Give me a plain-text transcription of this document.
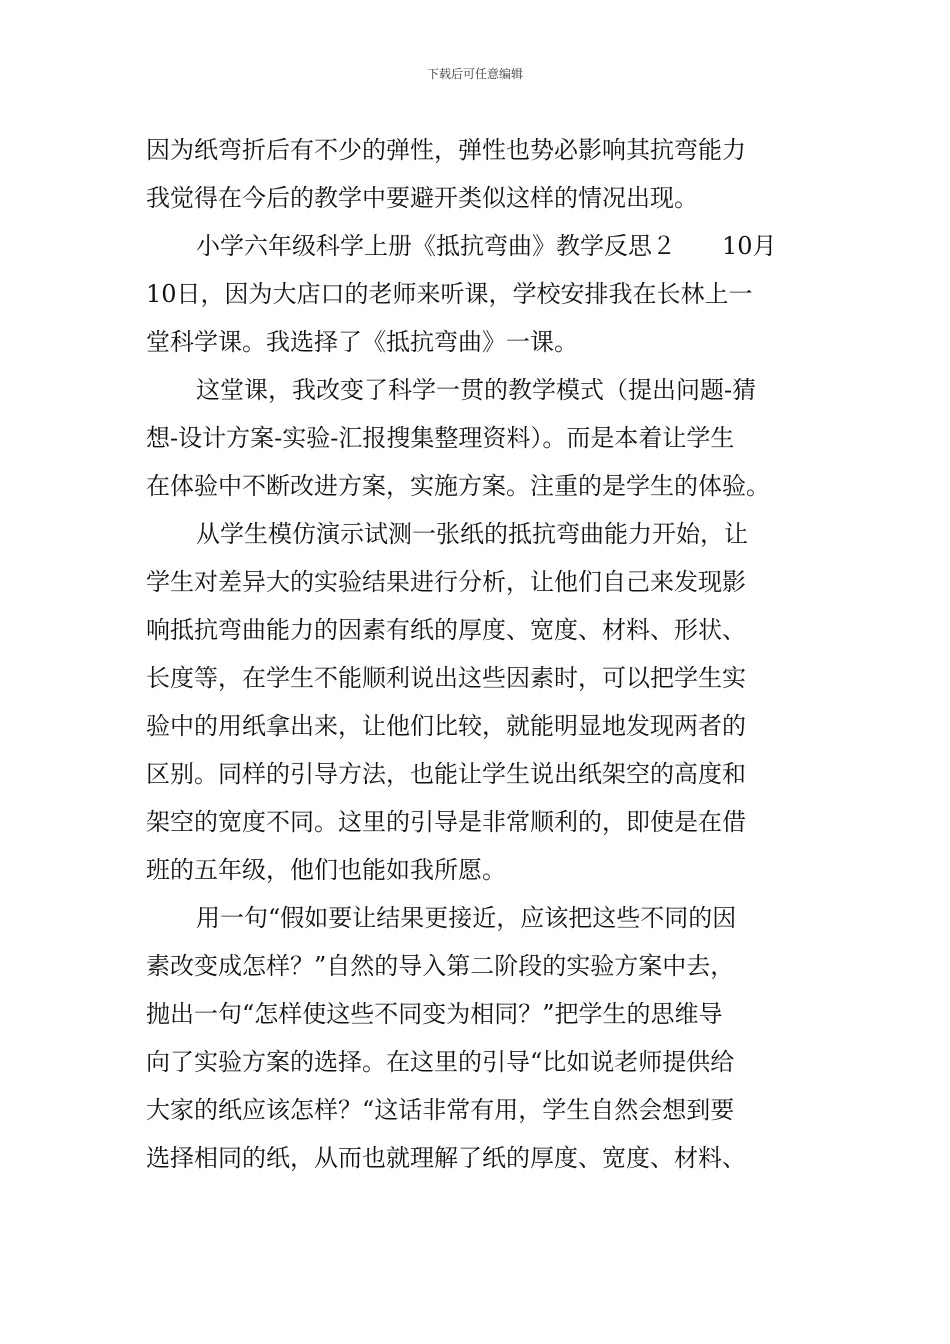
下载后可任意编辑
因为纸弯折后有不少的弹性，弹性也势必影响其抗弯能力
我觉得在今后的教学中要避开类似这样的情况出现。
小学六年级科学上册《抵抗弯曲》教学反思２ 10月
10日，因为大店口的老师来听课，学校安排我在长林上一
堂科学课。我选择了《抵抗弯曲》一课。
这堂课，我改变了科学一贯的教学模式（提出问题-猜
想-设计方案-实验-汇报搜集整理资料）。而是本着让学生
在体验中不断改进方案，实施方案。注重的是学生的体验。
从学生模仿演示试测一张纸的抵抗弯曲能力开始，让
学生对差异大的实验结果进行分析，让他们自己来发现影
响抵抗弯曲能力的因素有纸的厚度、宽度、材料、形状、
长度等，在学生不能顺利说出这些因素时，可以把学生实
验中的用纸拿出来，让他们比较，就能明显地发现两者的
区别。同样的引导方法，也能让学生说出纸架空的高度和
架空的宽度不同。这里的引导是非常顺利的，即使是在借
班的五年级，他们也能如我所愿。
用一句“假如要让结果更接近，应该把这些不同的因
素改变成怎样？”自然的导入第二阶段的实验方案中去，
抛出一句“怎样使这些不同变为相同？”把学生的思维导
向了实验方案的选择。在这里的引导“比如说老师提供给
大家的纸应该怎样？“这话非常有用，学生自然会想到要
选择相同的纸，从而也就理解了纸的厚度、宽度、材料、
